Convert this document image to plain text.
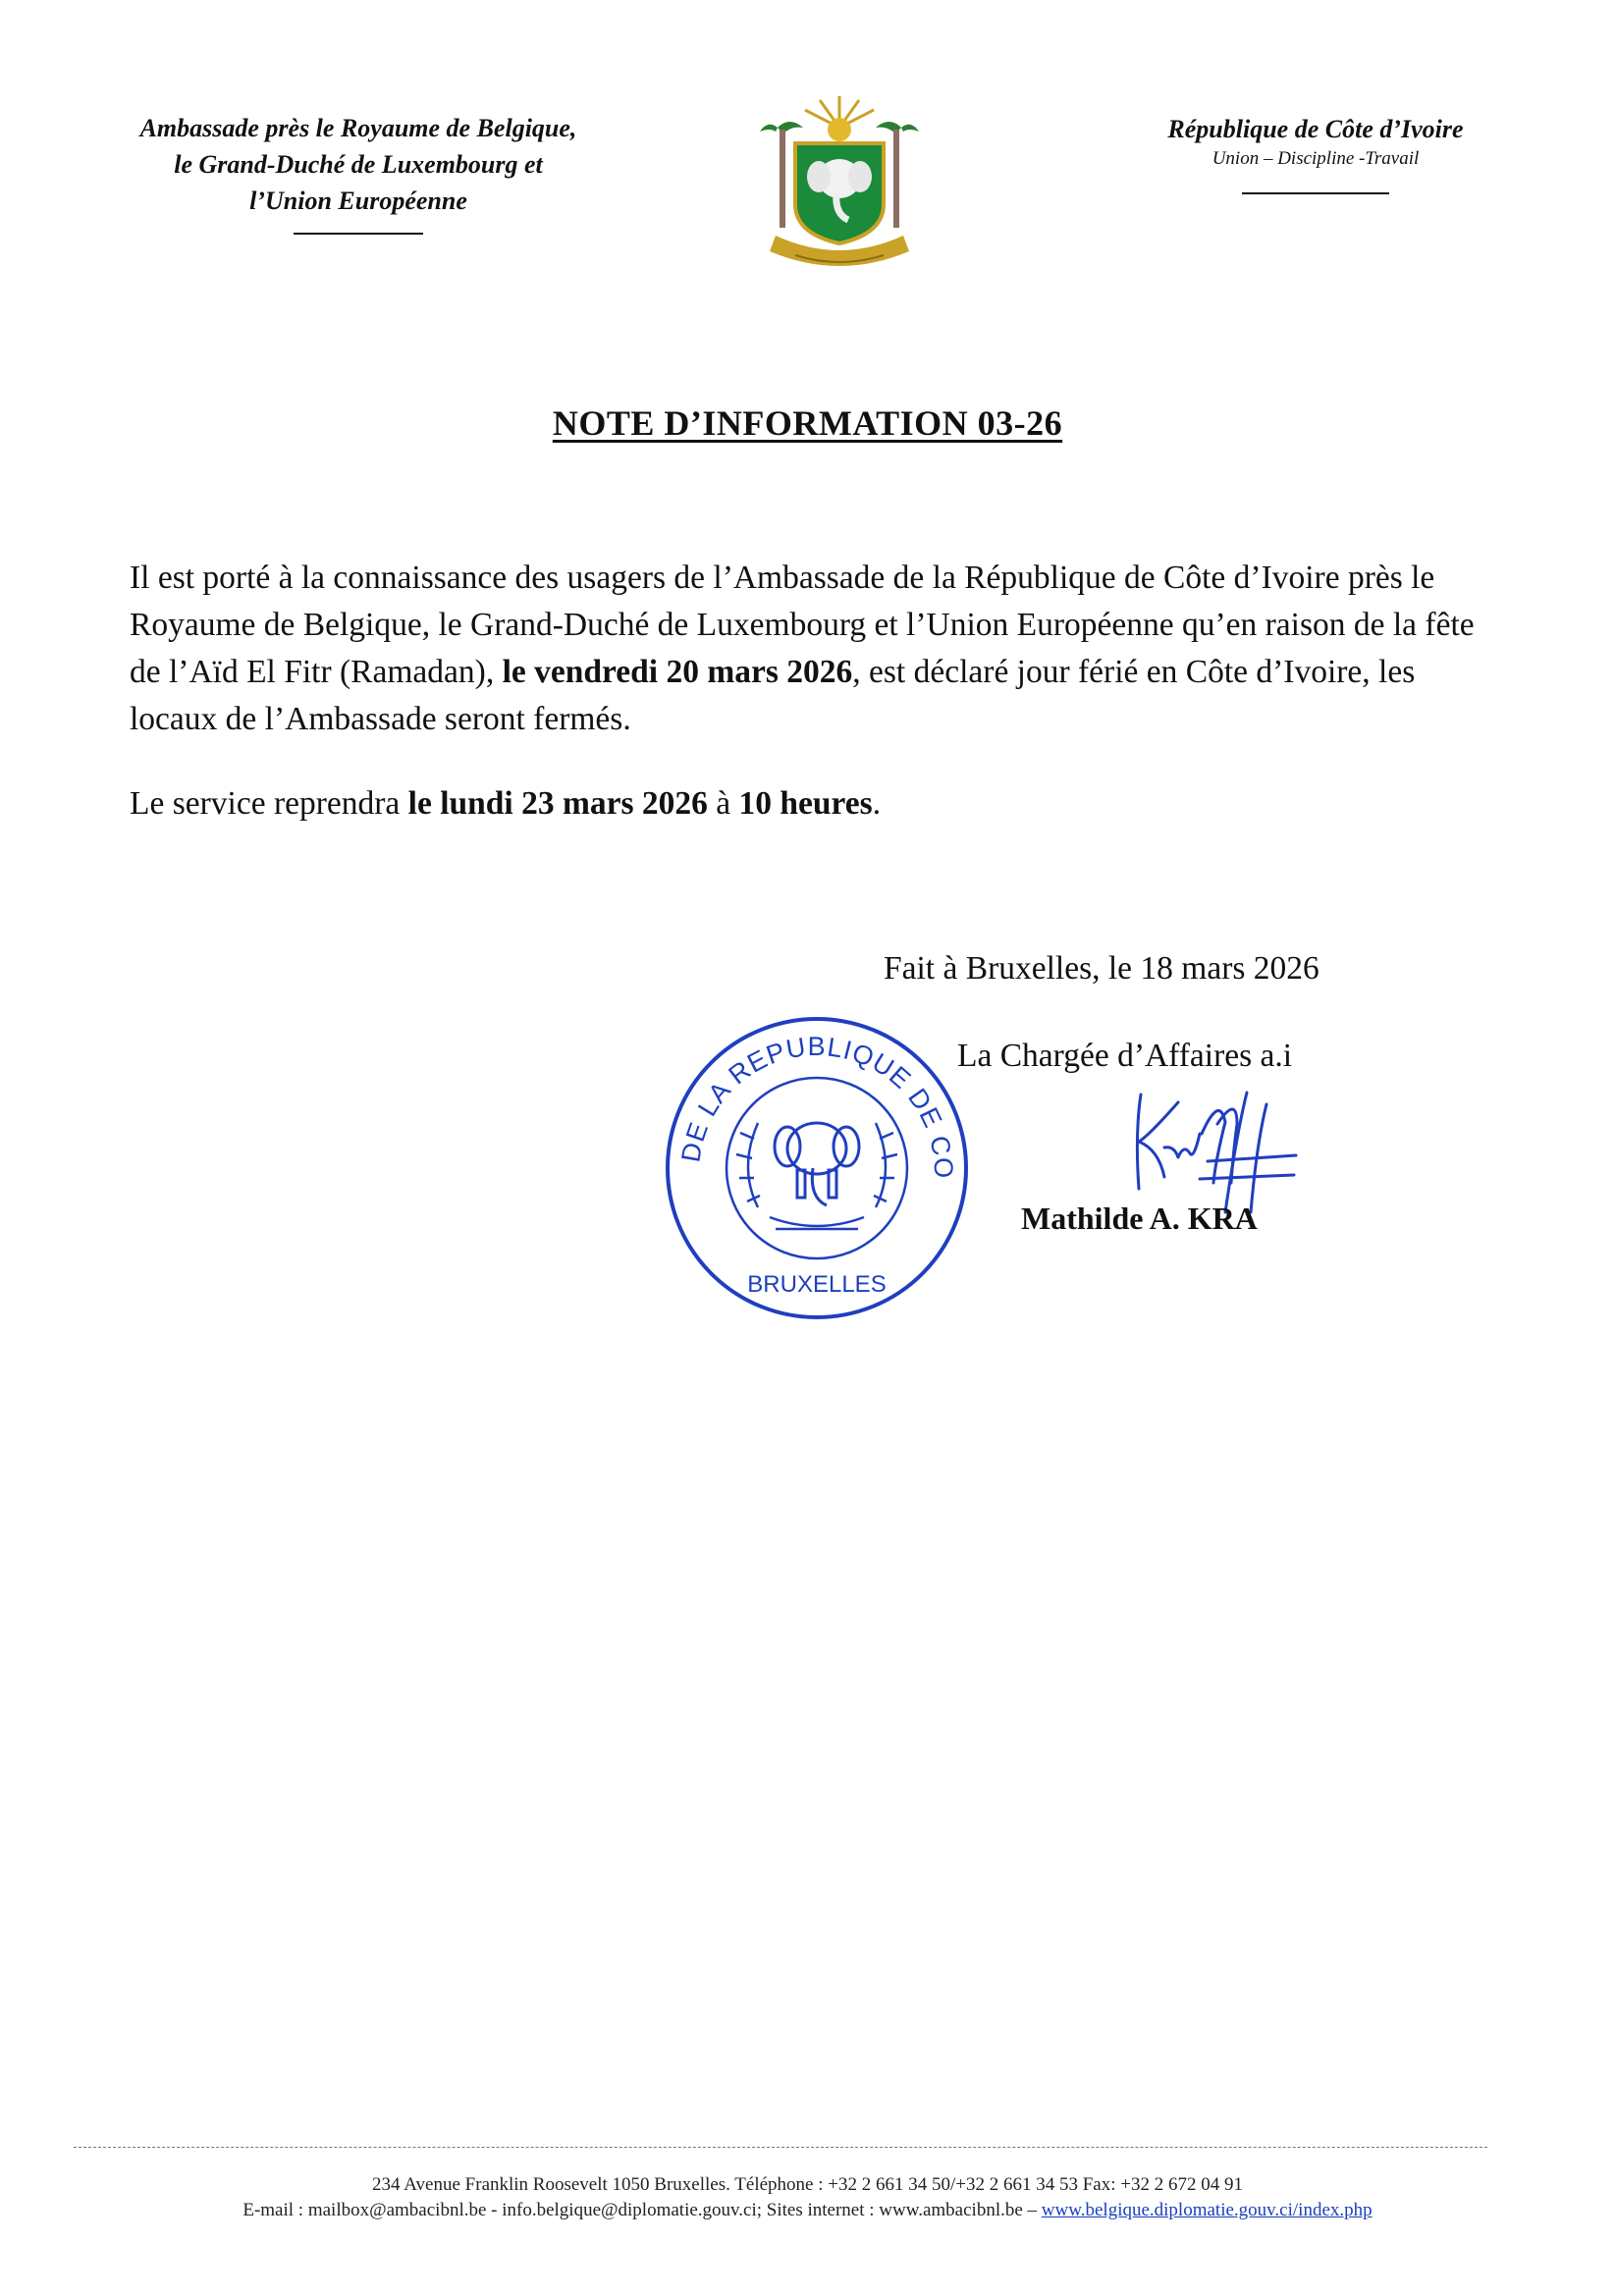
Ambassade près le Royaume de Belgique,
le Grand-Duché de Luxembourg et
l’Union Européenne
République de Côte d’Ivoire
Union – Discipline -Travail
NOTE D’INFORMATION 03-26
Il est porté à la connaissance des usagers de l’Ambassade de la République de Côte d’Ivoire près le Royaume de Belgique, le Grand-Duché de Luxembourg et l’Union Européenne qu’en raison de la fête de l’Aïd El Fitr (Ramadan), le vendredi 20 mars 2026, est déclaré jour férié en Côte d’Ivoire, les locaux de l’Ambassade seront fermés.
Le service reprendra le lundi 23 mars 2026 à 10 heures.
Fait à Bruxelles, le 18 mars 2026
DE LA REPUBLIQUE DE CO
BRUXELLES
La Chargée d’Affaires a.i
Mathilde A. KRA
234 Avenue Franklin Roosevelt 1050 Bruxelles. Téléphone : +32 2 661 34 50/+32 2 661 34 53 Fax: +32 2 672 04 91
E-mail : mailbox@ambacibnl.be - info.belgique@diplomatie.gouv.ci; Sites internet : www.ambacibnl.be – www.belgique.diplomatie.gouv.ci/index.php
